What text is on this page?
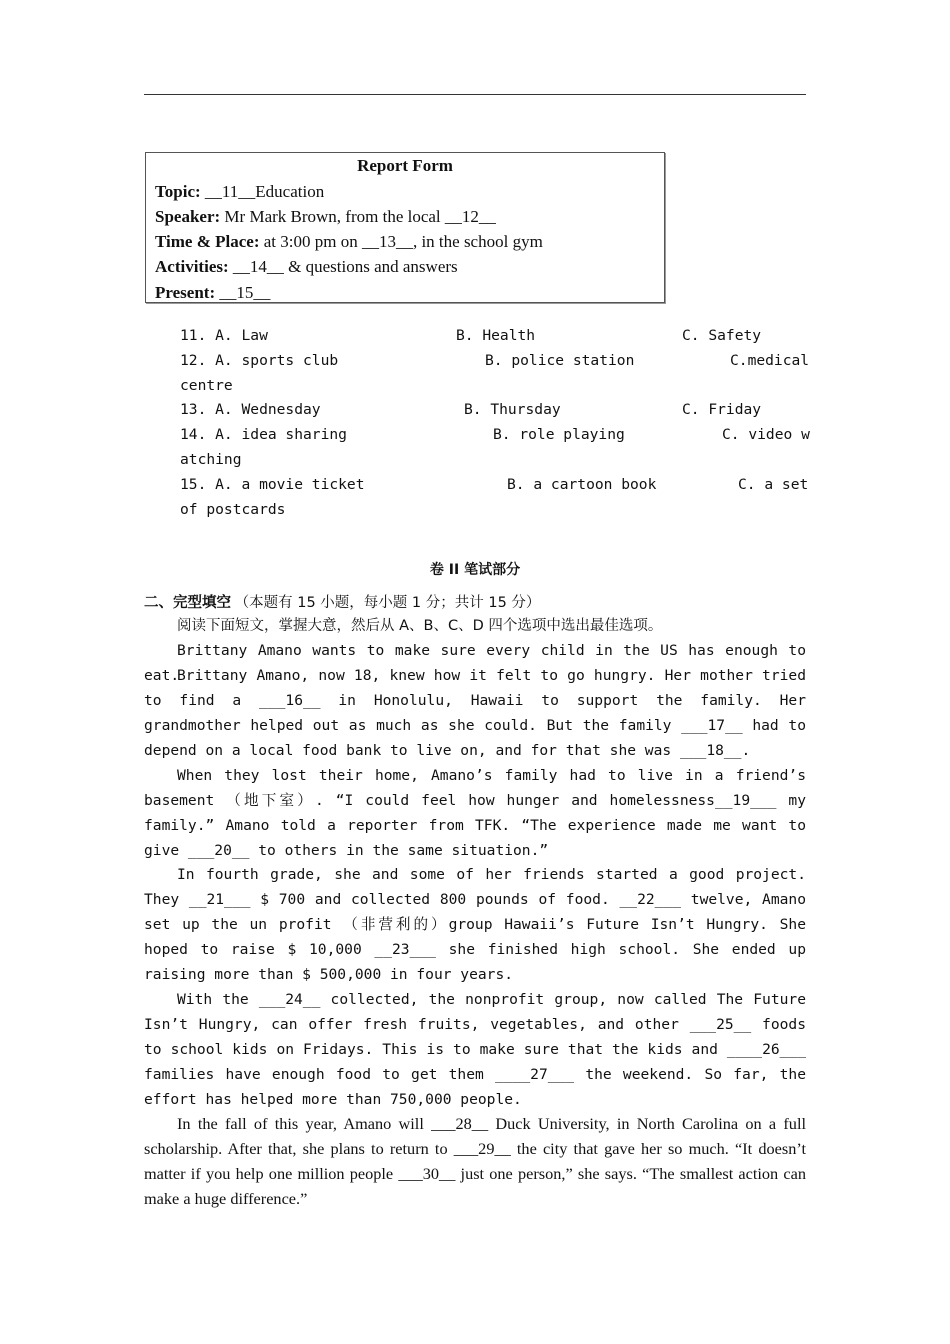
Report Form
Topic: __11__Education
Speaker: Mr Mark Brown, from the local __12__
Time & Place: at 3:00 pm on __13__, in the school gym
Activities: __14__ & questions and answers
Present: __15__
11. A. Law	B. Health	C. Safety
12. A. sports club	B. police station	C.medical
centre
13. A. Wednesday	B. Thursday	C. Friday
14. A. idea sharing	B. role playing	C. video w
atching
15. A. a movie ticket	B. a cartoon book	C. a set
of postcards
卷 II 笔试部分
二、完型填空 （本题有 15 小题，每小题 1 分；共计 15 分）

阅读下面短文，掌握大意，然后从 A、B、C、D 四个选项中选出最佳选项。

Brittany Amano wants to make sure every child in the US has enough to eat.

Brittany Amano, now 18, knew how it felt to go hungry. Her mother tried to find a ___16__ in Honolulu, Hawaii to support the family. Her grandmother helped out as much as she could. But the family ___17__ had to depend on a local food bank to live on, and for that she was ___18__.

When they lost their home, Amano’s family had to live in a friend’s basement （地下室）. “I could feel how hunger and homelessness__19___ my family.” Amano told a reporter from TFK. “The experience made me want to give ___20__ to others in the same situation.”

In fourth grade, she and some of her friends started a good project. They __21___ $ 700 and collected 800 pounds of food. __22___ twelve, Amano set up the un profit （非营利的）group Hawaii’s Future Isn’t Hungry. She hoped to raise $ 10,000 __23___ she finished high school. She ended up raising more than $ 500,000 in four years.

With the ___24__ collected, the nonprofit group, now called The Future Isn’t Hungry, can offer fresh fruits, vegetables, and other ___25__ foods to school kids on Fridays. This is to make sure that the kids and ____26___ families have enough food to get them ____27___ the weekend. So far, the effort has helped more than 750,000 people.

In the fall of this year, Amano will ___28__ Duck University, in North Carolina on a full scholarship. After that, she plans to return to ___29__ the city that gave her so much. “It doesn’t matter if you help one million people ___30__ just one person,” she says. “The smallest action can make a huge difference.”
